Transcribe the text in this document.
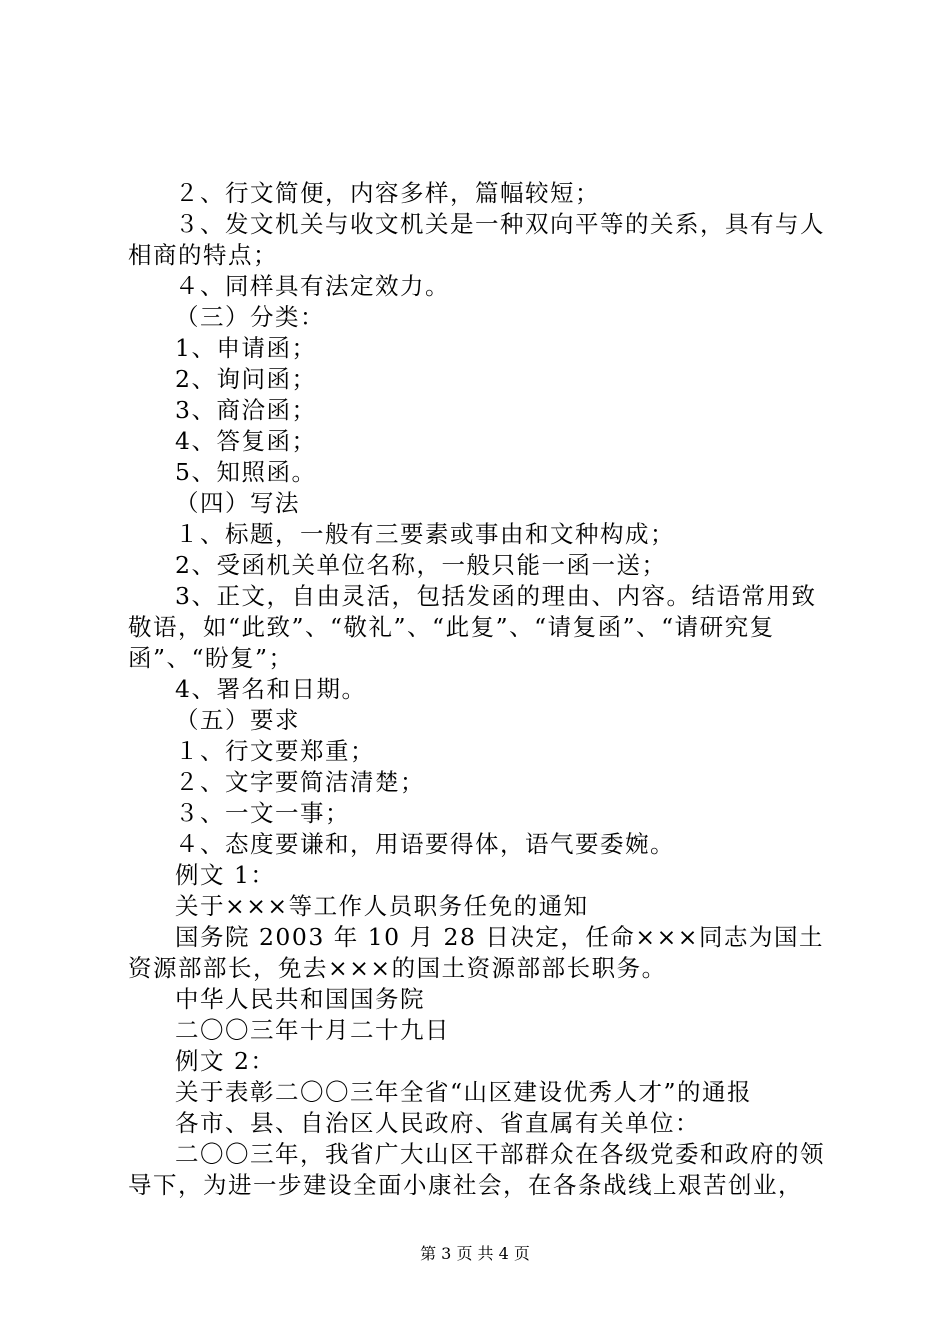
２、行文简便，内容多样，篇幅较短；

３、发文机关与收文机关是一种双向平等的关系，具有与人相商的特点；

４、同样具有法定效力。

（三）分类：

1、申请函；

2、询问函；

3、商洽函；

4、答复函；

5、知照函。

（四）写法

１、标题，一般有三要素或事由和文种构成；

2、受函机关单位名称，一般只能一函一送；

3、正文，自由灵活，包括发函的理由、内容。结语常用致敬语，如“此致”、“敬礼”、“此复”、“请复函”、“请研究复函”、“盼复”；

4、署名和日期。

（五）要求

１、行文要郑重；

２、文字要简洁清楚；

３、一文一事；

４、态度要谦和，用语要得体，语气要委婉。

例文 1：

关于×××等工作人员职务任免的通知

国务院 2003 年 10 月 28 日决定，任命×××同志为国土资源部部长，免去×××的国土资源部部长职务。

中华人民共和国国务院

二〇〇三年十月二十九日

例文 2：

关于表彰二〇〇三年全省“山区建设优秀人才”的通报

各市、县、自治区人民政府、省直属有关单位：

二〇〇三年，我省广大山区干部群众在各级党委和政府的领导下，为进一步建设全面小康社会，在各条战线上艰苦创业，

第 3 页 共 4 页
